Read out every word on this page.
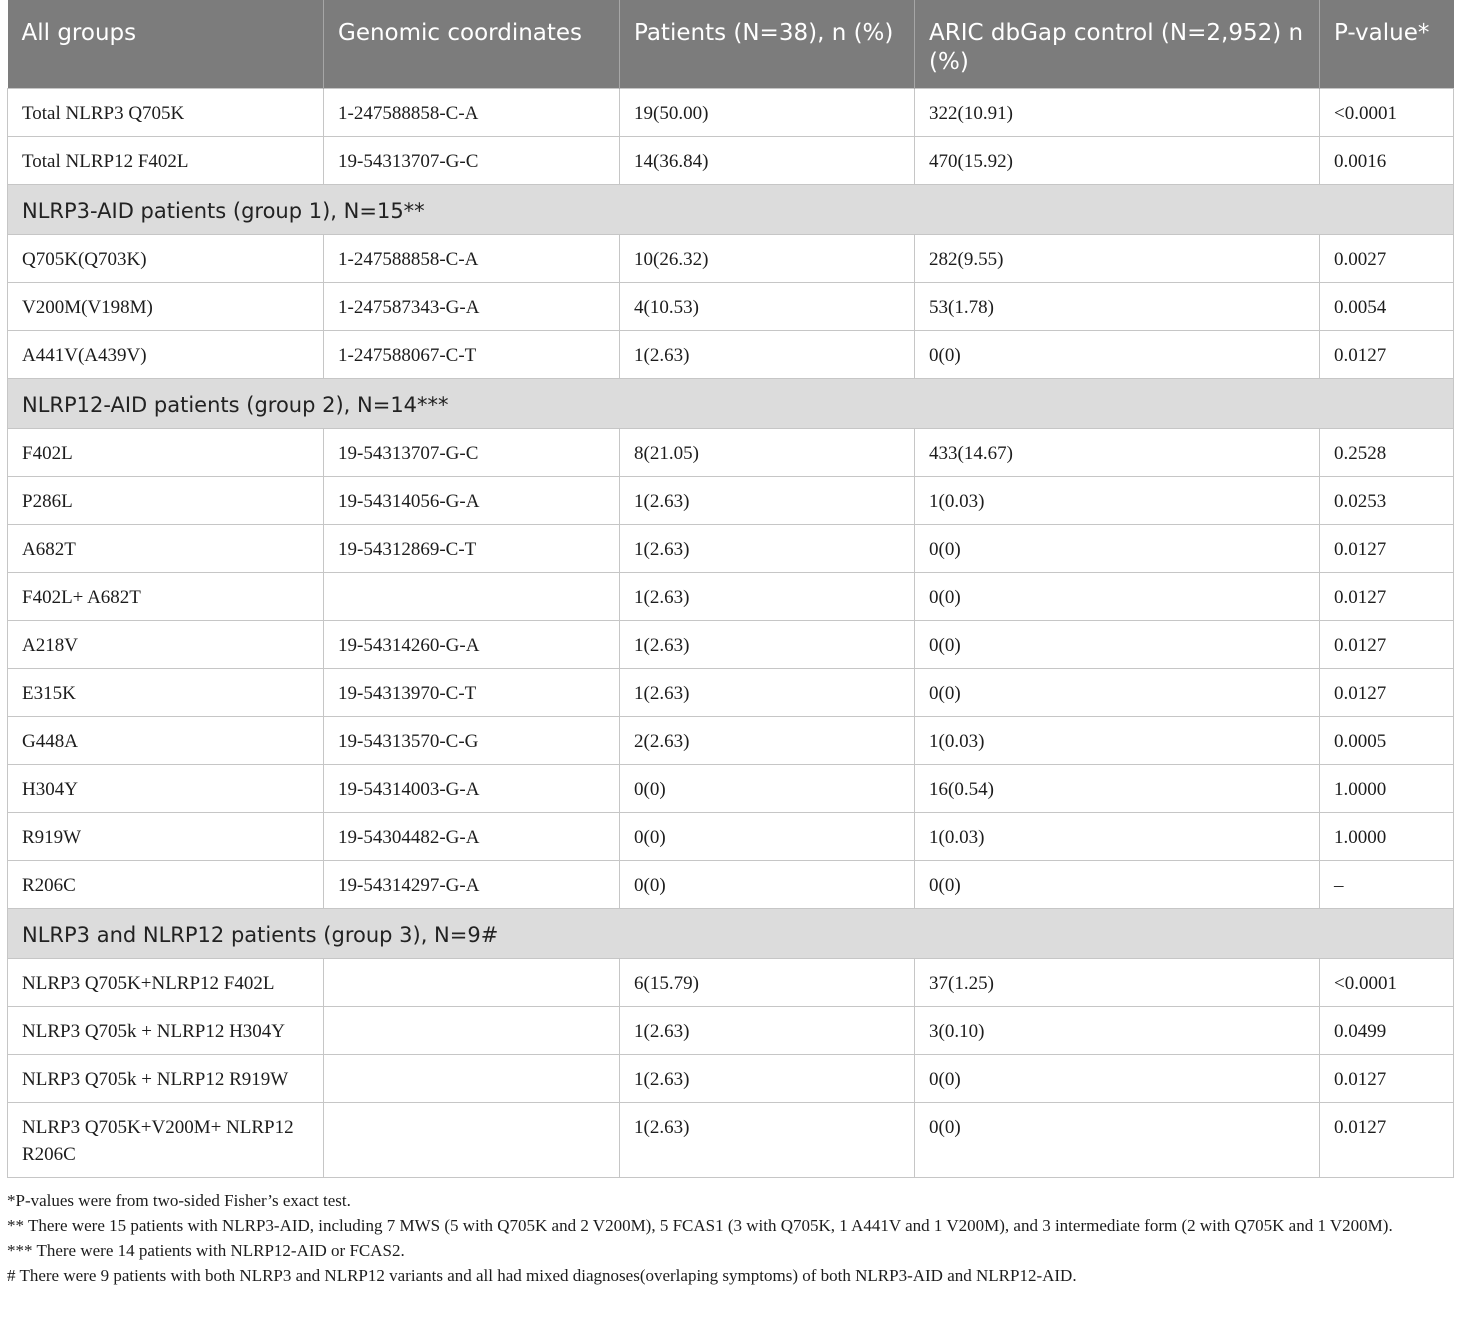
All groups	Genomic coordinates	Patients (N=38), n (%)	ARIC dbGap control (N=2,952) n (%)	P-value*
Total NLRP3 Q705K	1-247588858-C-A	19(50.00)	322(10.91)	<0.0001
Total NLRP12 F402L	19-54313707-G-C	14(36.84)	470(15.92)	0.0016
NLRP3-AID patients (group 1), N=15**				
Q705K(Q703K)	1-247588858-C-A	10(26.32)	282(9.55)	0.0027
V200M(V198M)	1-247587343-G-A	4(10.53)	53(1.78)	0.0054
A441V(A439V)	1-247588067-C-T	1(2.63)	0(0)	0.0127
NLRP12-AID patients (group 2), N=14***				
F402L	19-54313707-G-C	8(21.05)	433(14.67)	0.2528
P286L	19-54314056-G-A	1(2.63)	1(0.03)	0.0253
A682T	19-54312869-C-T	1(2.63)	0(0)	0.0127
F402L+ A682T		1(2.63)	0(0)	0.0127
A218V	19-54314260-G-A	1(2.63)	0(0)	0.0127
E315K	19-54313970-C-T	1(2.63)	0(0)	0.0127
G448A	19-54313570-C-G	2(2.63)	1(0.03)	0.0005
H304Y	19-54314003-G-A	0(0)	16(0.54)	1.0000
R919W	19-54304482-G-A	0(0)	1(0.03)	1.0000
R206C	19-54314297-G-A	0(0)	0(0)	–
NLRP3 and NLRP12 patients (group 3), N=9#				
NLRP3 Q705K+NLRP12 F402L		6(15.79)	37(1.25)	<0.0001
NLRP3 Q705k + NLRP12 H304Y		1(2.63)	3(0.10)	0.0499
NLRP3 Q705k + NLRP12 R919W		1(2.63)	0(0)	0.0127
NLRP3 Q705K+V200M+ NLRP12 R206C		1(2.63)	0(0)	0.0127

*P-values were from two-sided Fisher’s exact test.

** There were 15 patients with NLRP3-AID, including 7 MWS (5 with Q705K and 2 V200M), 5 FCAS1 (3 with Q705K, 1 A441V and 1 V200M), and 3 intermediate form (2 with Q705K and 1 V200M).

*** There were 14 patients with NLRP12-AID or FCAS2.

# There were 9 patients with both NLRP3 and NLRP12 variants and all had mixed diagnoses(overlaping symptoms) of both NLRP3-AID and NLRP12-AID.
